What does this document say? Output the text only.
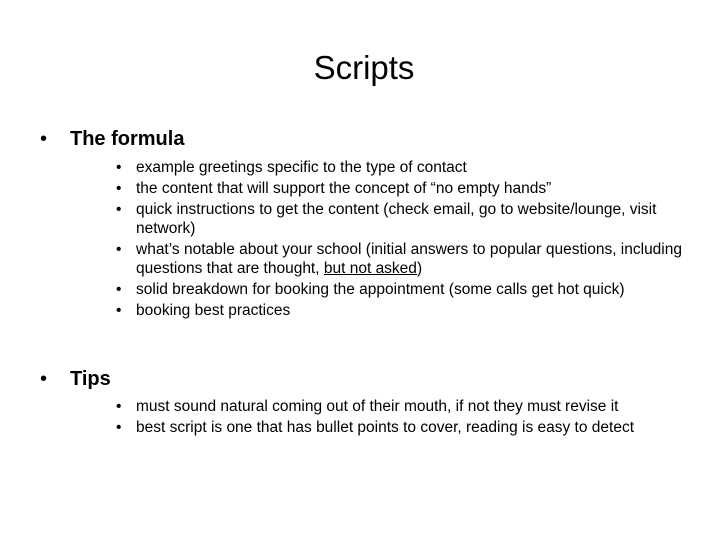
Scripts
•	The formula
• example greetings specific to the type of contact
• the content that will support the concept of “no empty hands”
• quick instructions to get the content (check email, go to website/lounge, visit network)
• what’s notable about your school (initial answers to popular questions, including questions that are thought, but not asked)
• solid breakdown for booking the appointment (some calls get hot quick)
• booking best practices
•	Tips
• must sound natural coming out of their mouth, if not they must revise it
• best script is one that has bullet points to cover, reading is easy to detect
